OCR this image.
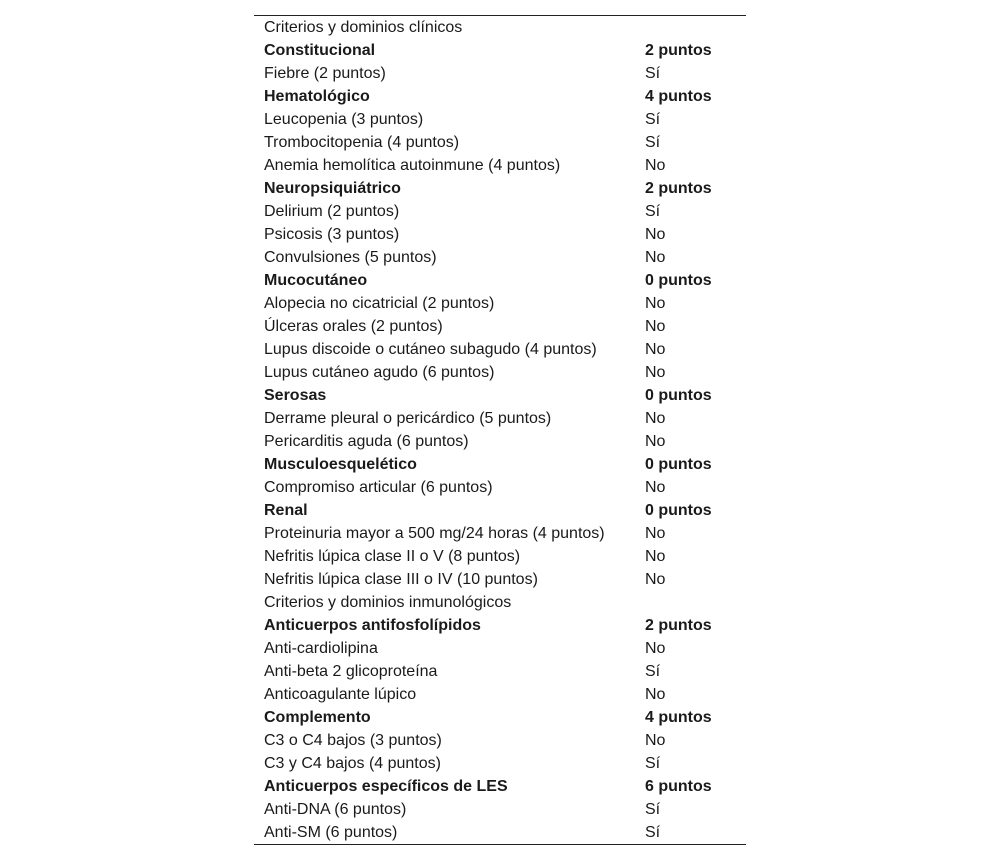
Criterios y dominios clínicos	
Constitucional	2 puntos
Fiebre (2 puntos)	Sí
Hematológico	4 puntos
Leucopenia (3 puntos)	Sí
Trombocitopenia (4 puntos)	Sí
Anemia hemolítica autoinmune (4 puntos)	No
Neuropsiquiátrico	2 puntos
Delirium (2 puntos)	Sí
Psicosis (3 puntos)	No
Convulsiones (5 puntos)	No
Mucocutáneo	0 puntos
Alopecia no cicatricial (2 puntos)	No
Úlceras orales (2 puntos)	No
Lupus discoide o cutáneo subagudo (4 puntos)	No
Lupus cutáneo agudo (6 puntos)	No
Serosas	0 puntos
Derrame pleural o pericárdico (5 puntos)	No
Pericarditis aguda (6 puntos)	No
Musculoesquelético	0 puntos
Compromiso articular (6 puntos)	No
Renal	0 puntos
Proteinuria mayor a 500 mg/24 horas (4 puntos)	No
Nefritis lúpica clase II o V (8 puntos)	No
Nefritis lúpica clase III o IV (10 puntos)	No
Criterios y dominios inmunológicos	
Anticuerpos antifosfolípidos	2 puntos
Anti-cardiolipina	No
Anti-beta 2 glicoproteína	Sí
Anticoagulante lúpico	No
Complemento	4 puntos
C3 o C4 bajos (3 puntos)	No
C3 y C4 bajos (4 puntos)	Sí
Anticuerpos específicos de LES	6 puntos
Anti-DNA (6 puntos)	Sí
Anti-SM (6 puntos)	Sí
